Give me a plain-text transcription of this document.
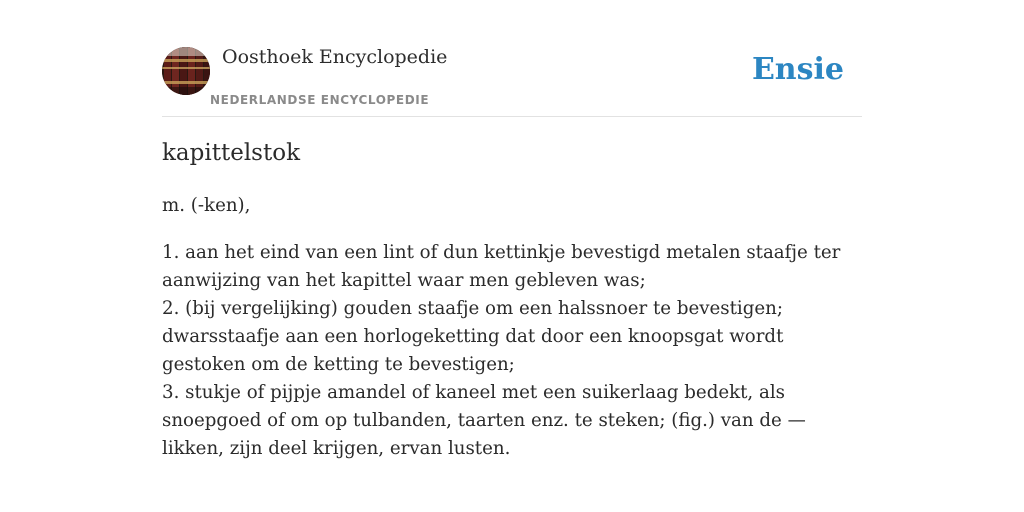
Oosthoek Encyclopedie
NEDERLANDSE ENCYCLOPEDIE
Ensie
kapittelstok

m. (-ken),

1. aan het eind van een lint of dun kettinkje bevestigd metalen staafje ter aanwijzing van het kapittel waar men gebleven was;

2. (bij vergelijking) gouden staafje om een halssnoer te bevestigen; dwarsstaafje aan een horlogeketting dat door een knoopsgat wordt gestoken om de ketting te bevestigen;

3. stukje of pijpje amandel of kaneel met een suikerlaag bedekt, als snoepgoed of om op tulbanden, taarten enz. te steken; (fig.) van de — likken, zijn deel krijgen, ervan lusten.
